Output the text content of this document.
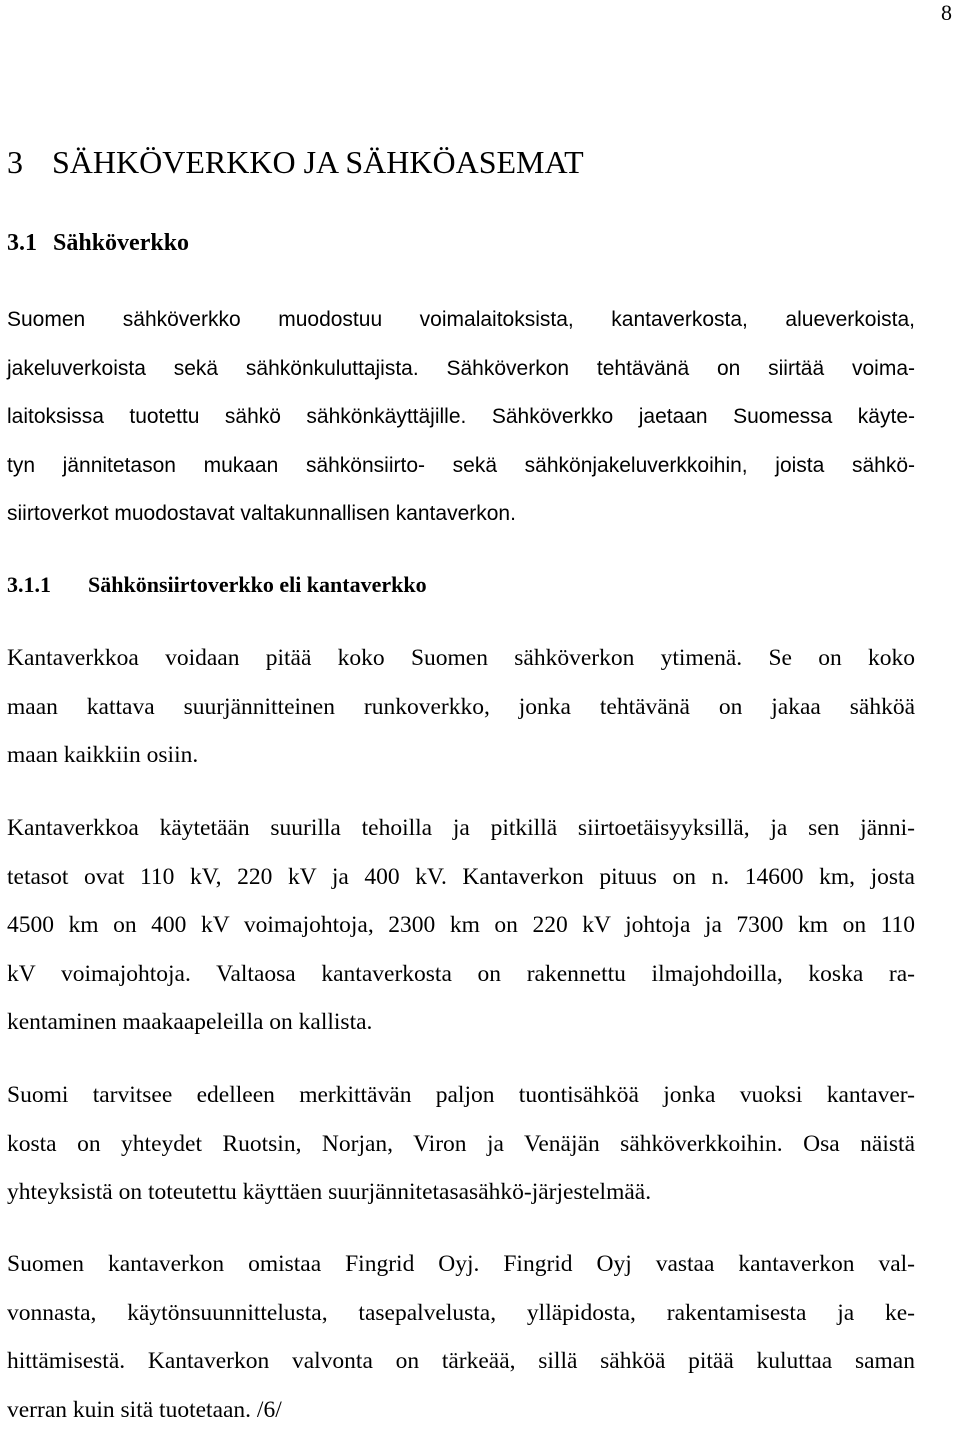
8
3 SÄHKÖVERKKO JA SÄHKÖASEMAT
3.1 Sähköverkko
Suomen sähköverkko muodostuu voimalaitoksista, kantaverkosta, alueverkoista,
jakeluverkoista sekä sähkönkuluttajista. Sähköverkon tehtävänä on siirtää voima-
laitoksissa tuotettu sähkö sähkönkäyttäjille. Sähköverkko jaetaan Suomessa käyte-
tyn jännitetason mukaan sähkönsiirto- sekä sähkönjakeluverkkoihin, joista sähkö-
siirtoverkot muodostavat valtakunnallisen kantaverkon.
3.1.1 Sähkönsiirtoverkko eli kantaverkko
Kantaverkkoa voidaan pitää koko Suomen sähköverkon ytimenä. Se on koko
maan kattava suurjännitteinen runkoverkko, jonka tehtävänä on jakaa sähköä
maan kaikkiin osiin.
Kantaverkkoa käytetään suurilla tehoilla ja pitkillä siirtoetäisyyksillä, ja sen jänni-
tetasot ovat 110 kV, 220 kV ja 400 kV. Kantaverkon pituus on n. 14600 km, josta
4500 km on 400 kV voimajohtoja, 2300 km on 220 kV johtoja ja 7300 km on 110
kV voimajohtoja. Valtaosa kantaverkosta on rakennettu ilmajohdoilla, koska ra-
kentaminen maakaapeleilla on kallista.
Suomi tarvitsee edelleen merkittävän paljon tuontisähköä jonka vuoksi kantaver-
kosta on yhteydet Ruotsin, Norjan, Viron ja Venäjän sähköverkkoihin. Osa näistä
yhteyksistä on toteutettu käyttäen suurjännitetasasähkö-järjestelmää.
Suomen kantaverkon omistaa Fingrid Oyj. Fingrid Oyj vastaa kantaverkon val-
vonnasta, käytönsuunnittelusta, tasepalvelusta, ylläpidosta, rakentamisesta ja ke-
hittämisestä. Kantaverkon valvonta on tärkeää, sillä sähköä pitää kuluttaa saman
verran kuin sitä tuotetaan. /6/
